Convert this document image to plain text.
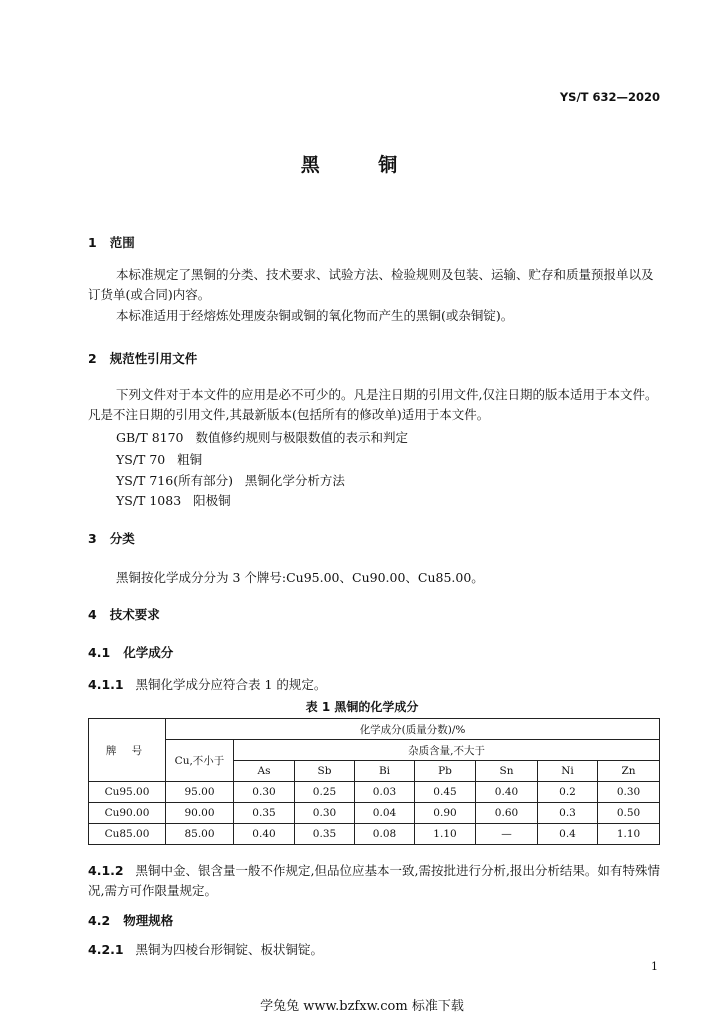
YS/T 632—2020
黑 铜
1 范围
本标准规定了黑铜的分类、技术要求、试验方法、检验规则及包装、运输、贮存和质量预报单以及订货单(或合同)内容。
本标准适用于经熔炼处理废杂铜或铜的氧化物而产生的黑铜(或杂铜锭)。
2 规范性引用文件
下列文件对于本文件的应用是必不可少的。凡是注日期的引用文件,仅注日期的版本适用于本文件。凡是不注日期的引用文件,其最新版本(包括所有的修改单)适用于本文件。
GB/T 8170 数值修约规则与极限数值的表示和判定
YS/T 70 粗铜
YS/T 716(所有部分) 黑铜化学分析方法
YS/T 1083 阳极铜
3 分类
黑铜按化学成分分为 3 个牌号:Cu95.00、Cu90.00、Cu85.00。
4 技术要求
4.1 化学成分
4.1.1 黑铜化学成分应符合表 1 的规定。
表 1 黑铜的化学成分
牌 号	化学成分(质量分数)/%							
	Cu,不小于	杂质含量,不大于						
		As	Sb	Bi	Pb	Sn	Ni	Zn
Cu95.00	95.00	0.30	0.25	0.03	0.45	0.40	0.2	0.30
Cu90.00	90.00	0.35	0.30	0.04	0.90	0.60	0.3	0.50
Cu85.00	85.00	0.40	0.35	0.08	1.10	—	0.4	1.10
4.1.2 黑铜中金、银含量一般不作规定,但品位应基本一致,需按批进行分析,报出分析结果。如有特殊情况,需方可作限量规定。
4.2 物理规格
4.2.1 黑铜为四棱台形铜锭、板状铜锭。
1
学兔兔 www.bzfxw.com 标准下载
